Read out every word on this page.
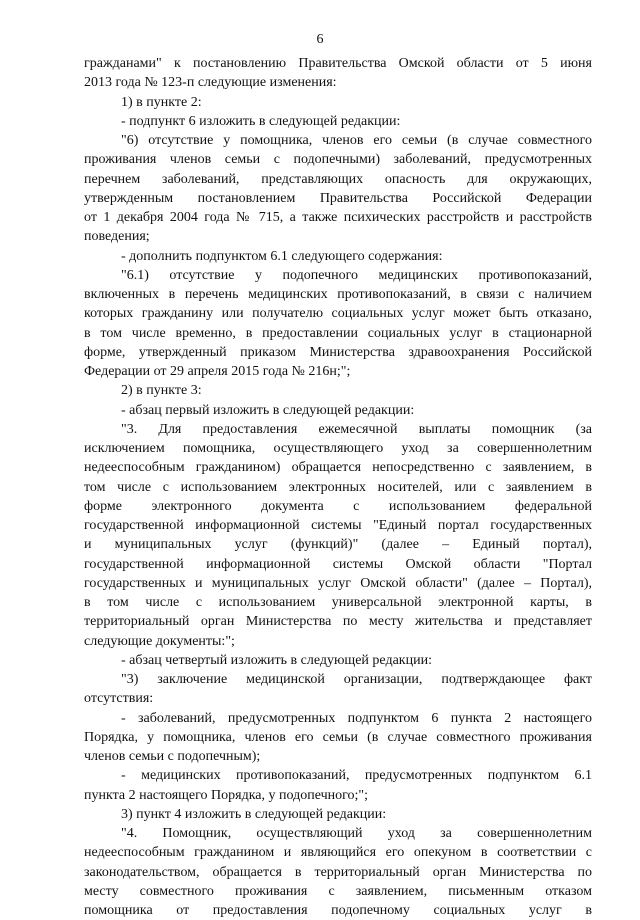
6
гражданами" к постановлению Правительства Омской области от 5 июня
2013 года № 123-п следующие изменения:
1) в пункте 2:
- подпункт 6 изложить в следующей редакции:
"6) отсутствие у помощника, членов его семьи (в случае совместного
проживания членов семьи с подопечными) заболеваний, предусмотренных
перечнем заболеваний, представляющих опасность для окружающих,
утвержденным постановлением Правительства Российской Федерации
от 1 декабря 2004 года № 715, а также психических расстройств и расстройств
поведения;
- дополнить подпунктом 6.1 следующего содержания:
"6.1) отсутствие у подопечного медицинских противопоказаний,
включенных в перечень медицинских противопоказаний, в связи с наличием
которых гражданину или получателю социальных услуг может быть отказано,
в том числе временно, в предоставлении социальных услуг в стационарной
форме, утвержденный приказом Министерства здравоохранения Российской
Федерации от 29 апреля 2015 года № 216н;";
2) в пункте 3:
- абзац первый изложить в следующей редакции:
"3. Для предоставления ежемесячной выплаты помощник (за
исключением помощника, осуществляющего уход за совершеннолетним
недееспособным гражданином) обращается непосредственно с заявлением, в
том числе с использованием электронных носителей, или с заявлением в
форме электронного документа с использованием федеральной
государственной информационной системы "Единый портал государственных
и муниципальных услуг (функций)" (далее – Единый портал),
государственной информационной системы Омской области "Портал
государственных и муниципальных услуг Омской области" (далее – Портал),
в том числе с использованием универсальной электронной карты, в
территориальный орган Министерства по месту жительства и представляет
следующие документы:";
- абзац четвертый изложить в следующей редакции:
"3) заключение медицинской организации, подтверждающее факт
отсутствия:
- заболеваний, предусмотренных подпунктом 6 пункта 2 настоящего
Порядка, у помощника, членов его семьи (в случае совместного проживания
членов семьи с подопечным);
- медицинских противопоказаний, предусмотренных подпунктом 6.1
пункта 2 настоящего Порядка, у подопечного;";
3) пункт 4 изложить в следующей редакции:
"4. Помощник, осуществляющий уход за совершеннолетним
недееспособным гражданином и являющийся его опекуном в соответствии с
законодательством, обращается в территориальный орган Министерства по
месту совместного проживания с заявлением, письменным отказом
помощника от предоставления подопечному социальных услуг в
